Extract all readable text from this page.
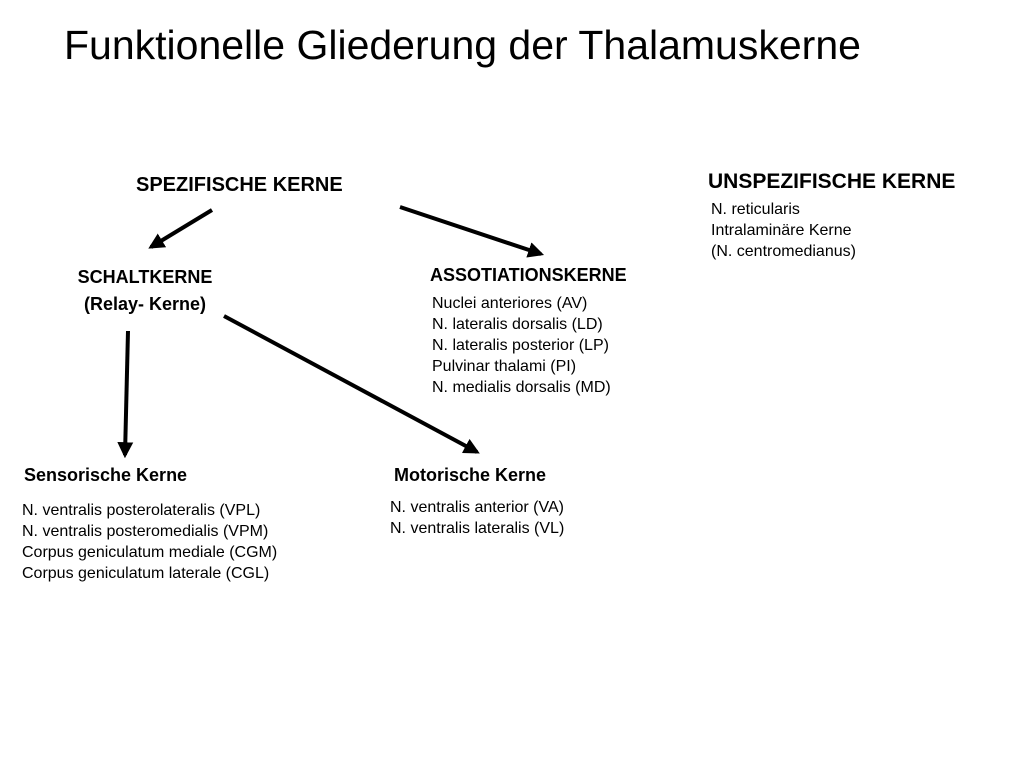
Funktionelle Gliederung der Thalamuskerne
SPEZIFISCHE KERNE	UNSPEZIFISCHE KERNE
N. reticularis
Intralaminäre Kerne
(N. centromedianus)
SCHALTKERNE
(Relay- Kerne)
ASSOTIATIONSKERNE
Nuclei anteriores (AV)
N. lateralis dorsalis (LD)
N. lateralis posterior (LP)
Pulvinar thalami (PI)
N. medialis dorsalis (MD)
Sensorische Kerne
N. ventralis posterolateralis (VPL)
N. ventralis posteromedialis (VPM)
Corpus geniculatum mediale (CGM)
Corpus geniculatum laterale (CGL)
Motorische Kerne
N. ventralis anterior (VA)
N. ventralis lateralis (VL)
